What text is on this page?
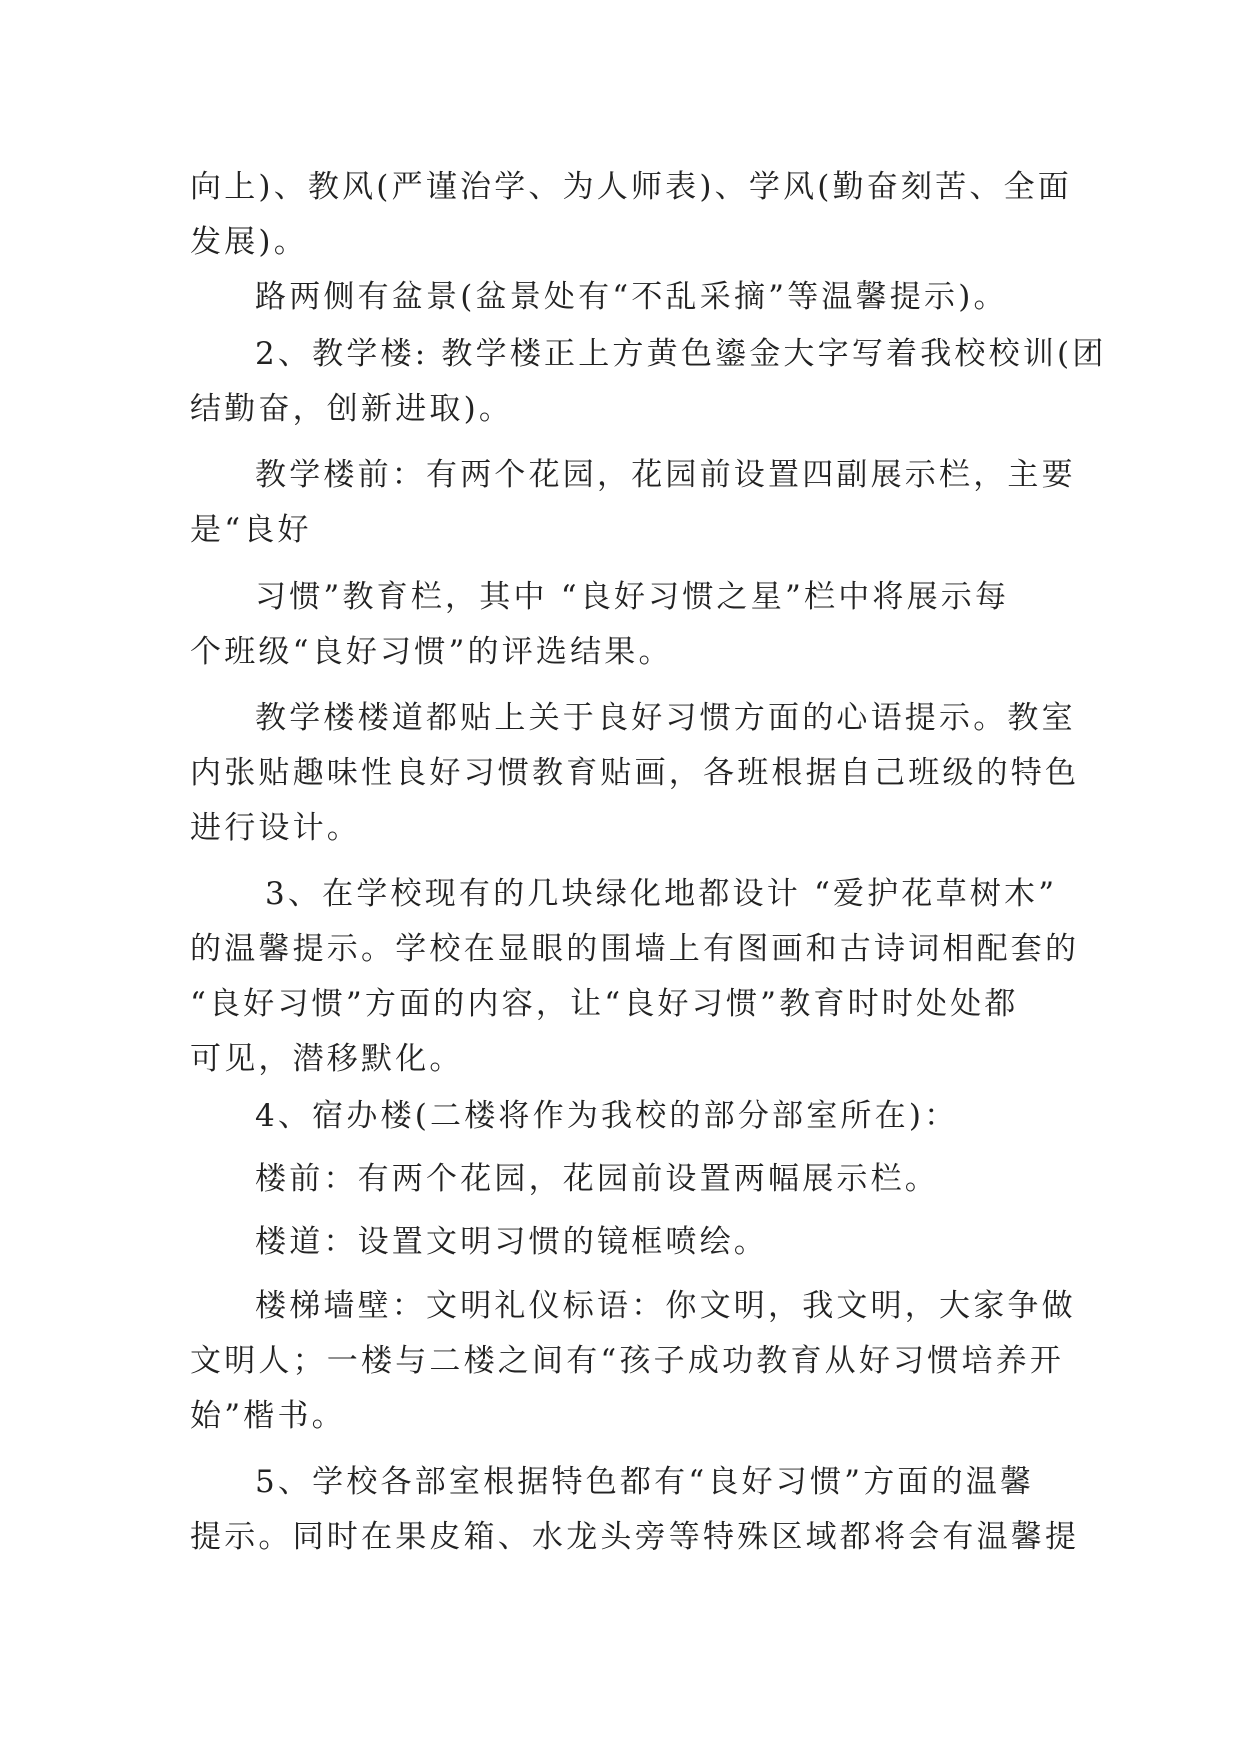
向上)、教风(严谨治学、为人师表)、学风(勤奋刻苦、全面
发展)。
路两侧有盆景(盆景处有“不乱采摘”等温馨提示)。
2、教学楼: 教学楼正上方黄色鎏金大字写着我校校训(团
结勤奋，创新进取)。
教学楼前：有两个花园，花园前设置四副展示栏，主要
是“良好
习惯”教育栏，其中 “良好习惯之星”栏中将展示每
个班级“良好习惯”的评选结果。
教学楼楼道都贴上关于良好习惯方面的心语提示。教室
内张贴趣味性良好习惯教育贴画，各班根据自己班级的特色
进行设计。
3、在学校现有的几块绿化地都设计 “爱护花草树木”
的温馨提示。学校在显眼的围墙上有图画和古诗词相配套的
“良好习惯”方面的内容，让“良好习惯”教育时时处处都
可见，潜移默化。
4、宿办楼(二楼将作为我校的部分部室所在)：
楼前：有两个花园，花园前设置两幅展示栏。
楼道：设置文明习惯的镜框喷绘。
楼梯墙壁：文明礼仪标语：你文明，我文明，大家争做
文明人；一楼与二楼之间有“孩子成功教育从好习惯培养开
始”楷书。
5、学校各部室根据特色都有“良好习惯”方面的温馨
提示。同时在果皮箱、水龙头旁等特殊区域都将会有温馨提
